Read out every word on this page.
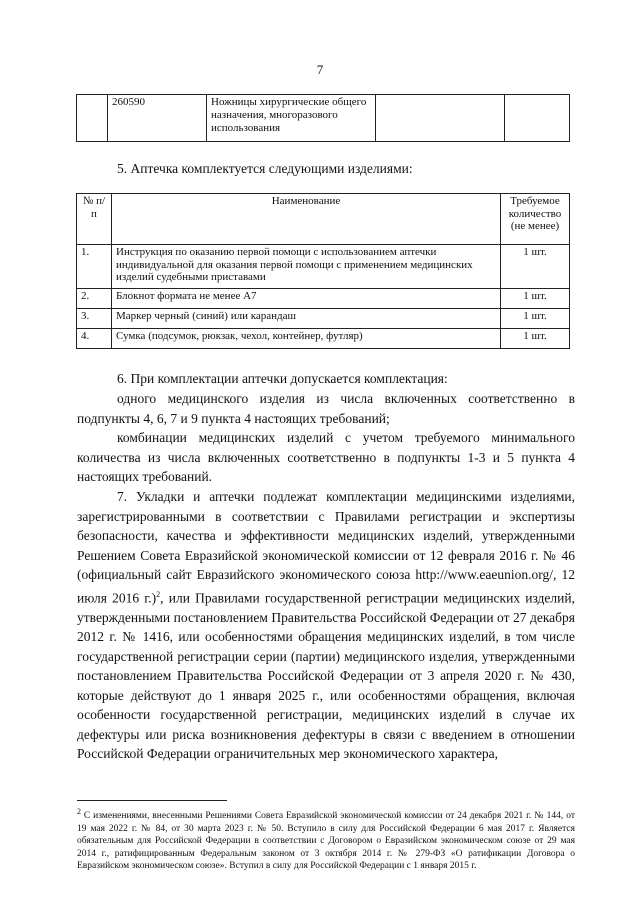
7
	260590	Ножницы хирургические общего назначения, многоразового использования		
5. Аптечка комплектуется следующими изделиями:
№ п/п	Наименование	Требуемое количество (не менее)
1.	Инструкция по оказанию первой помощи с использованием аптечки индивидуальной для оказания первой помощи с применением медицинских изделий судебными приставами	1 шт.
2.	Блокнот формата не менее А7	1 шт.
3.	Маркер черный (синий) или карандаш	1 шт.
4.	Сумка (подсумок, рюкзак, чехол, контейнер, футляр)	1 шт.

6. При комплектации аптечки допускается комплектация:

одного медицинского изделия из числа включенных соответственно в подпункты 4, 6, 7 и 9 пункта 4 настоящих требований;

комбинации медицинских изделий с учетом требуемого минимального количества из числа включенных соответственно в подпункты 1-3 и 5 пункта 4 настоящих требований.

7. Укладки и аптечки подлежат комплектации медицинскими изделиями, зарегистрированными в соответствии с Правилами регистрации и экспертизы безопасности, качества и эффективности медицинских изделий, утвержденными Решением Совета Евразийской экономической комиссии от 12 февраля 2016 г. № 46 (официальный сайт Евразийского экономического союза http://www.eaeunion.org/, 12 июля 2016 г.)$^2$, или Правилами государственной регистрации медицинских изделий, утвержденными постановлением Правительства Российской Федерации от 27 декабря 2012 г. № 1416, или особенностями обращения медицинских изделий, в том числе государственной регистрации серии (партии) медицинского изделия, утвержденными постановлением Правительства Российской Федерации от 3 апреля 2020 г. № 430, которые действуют до 1 января 2025 г., или особенностями обращения, включая особенности государственной регистрации, медицинских изделий в случае их дефектуры или риска возникновения дефектуры в связи с введением в отношении Российской Федерации ограничительных мер экономического характера,

$^2$ С изменениями, внесенными Решениями Совета Евразийской экономической комиссии от 24 декабря 2021 г. № 144, от 19 мая 2022 г. № 84, от 30 марта 2023 г. № 50. Вступило в силу для Российской Федерации 6 мая 2017 г. Является обязательным для Российской Федерации в соответствии с Договором о Евразийском экономическом союзе от 29 мая 2014 г., ратифицированным Федеральным законом от 3 октября 2014 г. № 279-ФЗ «О ратификации Договора о Евразийском экономическом союзе». Вступил в силу для Российской Федерации с 1 января 2015 г.
